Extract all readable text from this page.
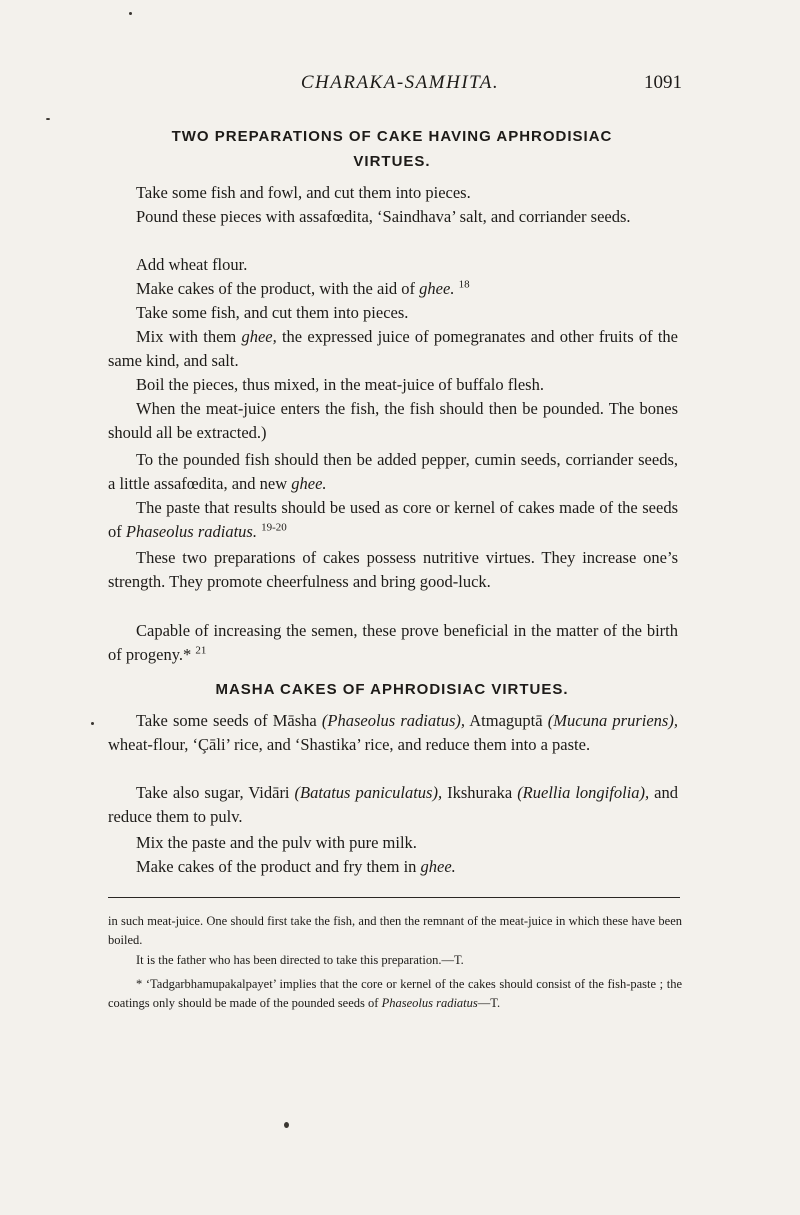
CHARAKA-SAMHITA.	1091
TWO PREPARATIONS OF CAKE HAVING APHRODISIAC
VIRTUES.

Take some fish and fowl, and cut them into pieces.

Pound these pieces with assafœdita, ‘Saindhava’ salt, and corriander seeds.

Add wheat flour.

Make cakes of the product, with the aid of ghee. $^{18}$

Take some fish, and cut them into pieces.

Mix with them ghee, the expressed juice of pomegranates and other fruits of the same kind, and salt.

Boil the pieces, thus mixed, in the meat-juice of buffalo flesh.

When the meat-juice enters the fish, the fish should then be pounded. The bones should all be extracted.)

To the pounded fish should then be added pepper, cumin seeds, corriander seeds, a little assafœdita, and new ghee.

The paste that results should be used as core or kernel of cakes made of the seeds of Phaseolus radiatus. $^{19-20}$

These two preparations of cakes possess nutritive virtues. They increase one’s strength. They promote cheerfulness and bring good-luck.

Capable of increasing the semen, these prove beneficial in the matter of the birth of progeny.* $^{21}$

MASHA CAKES OF APHRODISIAC VIRTUES.

Take some seeds of Māsha (Phaseolus radiatus), Atmaguptā (Mucuna pruriens), wheat-flour, ‘Çāli’ rice, and ‘Shastika’ rice, and reduce them into a paste.

Take also sugar, Vidāri (Batatus paniculatus), Ikshuraka (Ruellia longifolia), and reduce them to pulv.

Mix the paste and the pulv with pure milk.

Make cakes of the product and fry them in ghee.

in such meat-juice. One should first take the fish, and then the remnant of the meat-juice in which these have been boiled.

It is the father who has been directed to take this preparation.—T.

* ‘Tadgarbhamupakalpayet’ implies that the core or kernel of the cakes should consist of the fish-paste ; the coatings only should be made of the pounded seeds of Phaseolus radiatus—T.
